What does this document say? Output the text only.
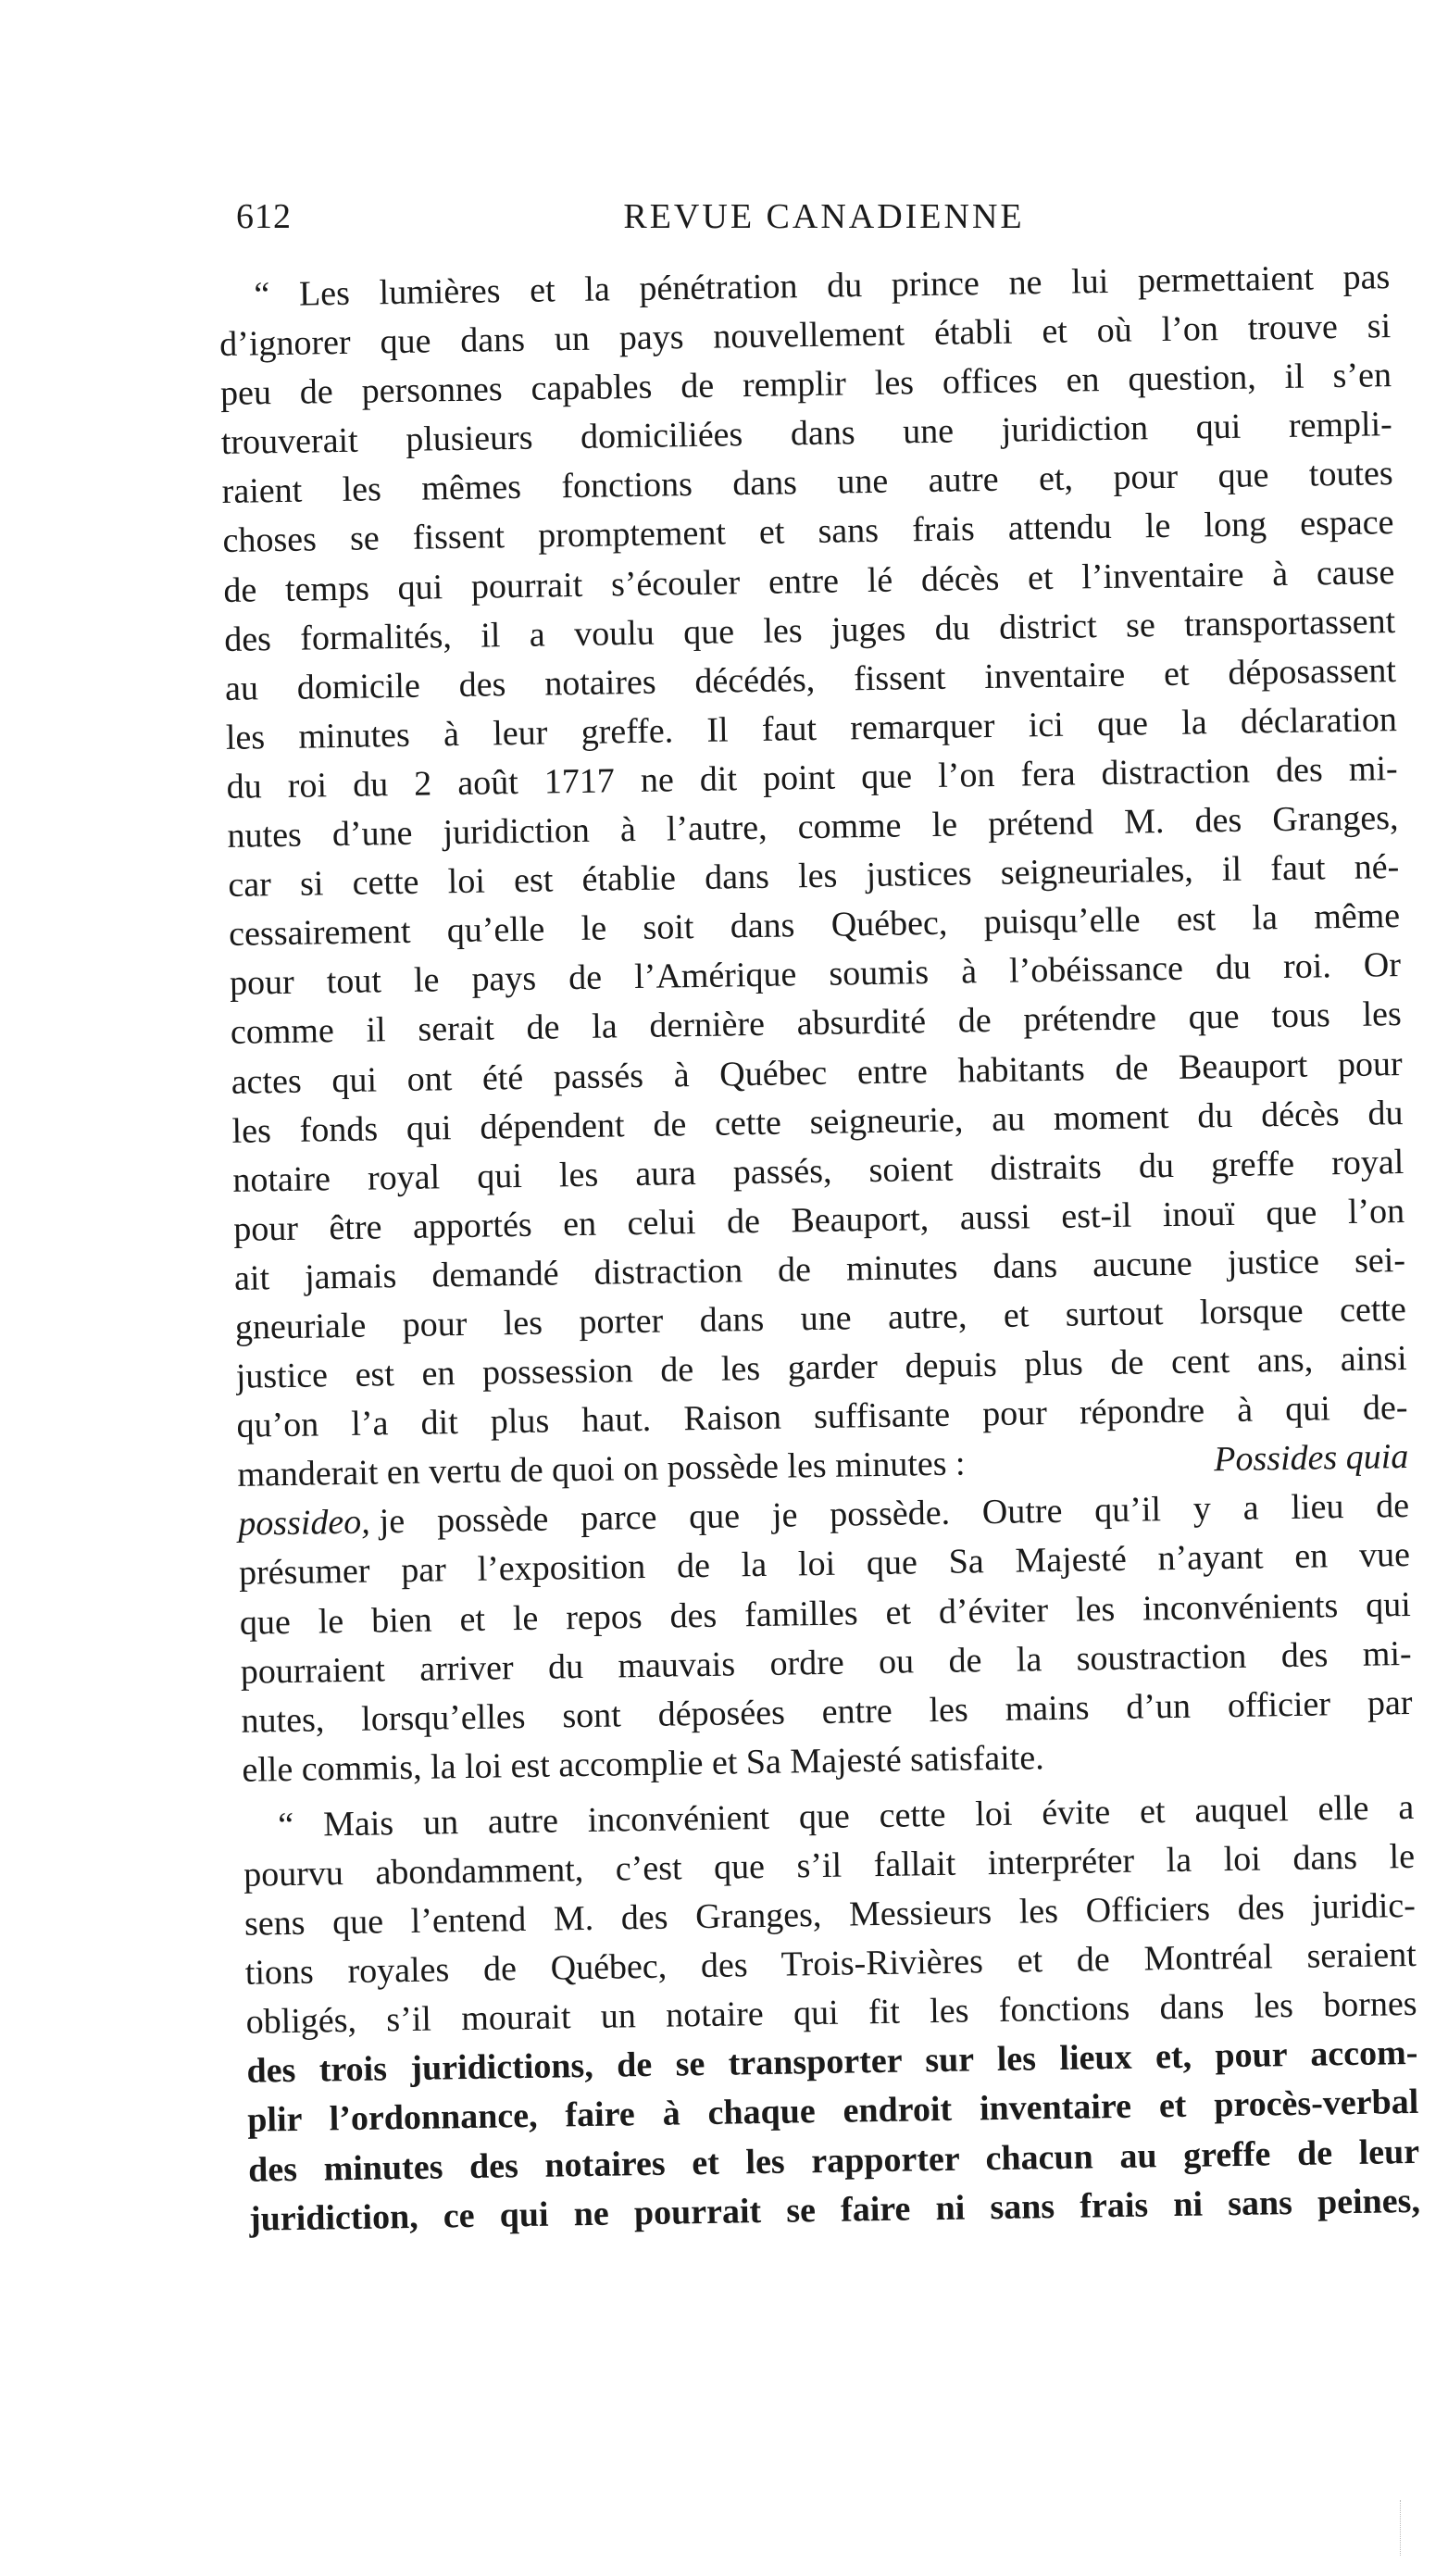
612	REVUE CANADIENNE
“ Les lumières et la pénétration du prince ne lui permettaient pas
d’ignorer que dans un pays nouvellement établi et où l’on trouve si
peu de personnes capables de remplir les offices en question, il s’en
trouverait plusieurs domiciliées dans une juridiction qui rempli-
raient les mêmes fonctions dans une autre et, pour que toutes
choses se fissent promptement et sans frais attendu le long espace
de temps qui pourrait s’écouler entre lé décès et l’inventaire à cause
des formalités, il a voulu que les juges du district se transportassent
au domicile des notaires décédés, fissent inventaire et déposassent
les minutes à leur greffe. Il faut remarquer ici que la déclaration
du roi du 2 août 1717 ne dit point que l’on fera distraction des mi-
nutes d’une juridiction à l’autre, comme le prétend M. des Granges,
car si cette loi est établie dans les justices seigneuriales, il faut né-
cessairement qu’elle le soit dans Québec, puisqu’elle est la même
pour tout le pays de l’Amérique soumis à l’obéissance du roi. Or
comme il serait de la dernière absurdité de prétendre que tous les
actes qui ont été passés à Québec entre habitants de Beauport pour
les fonds qui dépendent de cette seigneurie, au moment du décès du
notaire royal qui les aura passés, soient distraits du greffe royal
pour être apportés en celui de Beauport, aussi est-il inouï que l’on
ait jamais demandé distraction de minutes dans aucune justice sei-
gneuriale pour les porter dans une autre, et surtout lorsque cette
justice est en possession de les garder depuis plus de cent ans, ainsi
qu’on l’a dit plus haut. Raison suffisante pour répondre à qui de-
manderait en vertu de quoi on possède les minutes :	Possides quia
possideo, je possède parce que je possède. Outre qu’il y a lieu de
présumer par l’exposition de la loi que Sa Majesté n’ayant en vue
que le bien et le repos des familles et d’éviter les inconvénients qui
pourraient arriver du mauvais ordre ou de la soustraction des mi-
nutes, lorsqu’elles sont déposées entre les mains d’un officier par
elle commis, la loi est accomplie et Sa Majesté satisfaite.
“ Mais un autre inconvénient que cette loi évite et auquel elle a
pourvu abondamment, c’est que s’il fallait interpréter la loi dans le
sens que l’entend M. des Granges, Messieurs les Officiers des juridic-
tions royales de Québec, des Trois-Rivières et de Montréal seraient
obligés, s’il mourait un notaire qui fit les fonctions dans les bornes
des trois juridictions, de se transporter sur les lieux et, pour accom-
plir l’ordonnance, faire à chaque endroit inventaire et procès-verbal
des minutes des notaires et les rapporter chacun au greffe de leur
juridiction, ce qui ne pourrait se faire ni sans frais ni sans peines,
